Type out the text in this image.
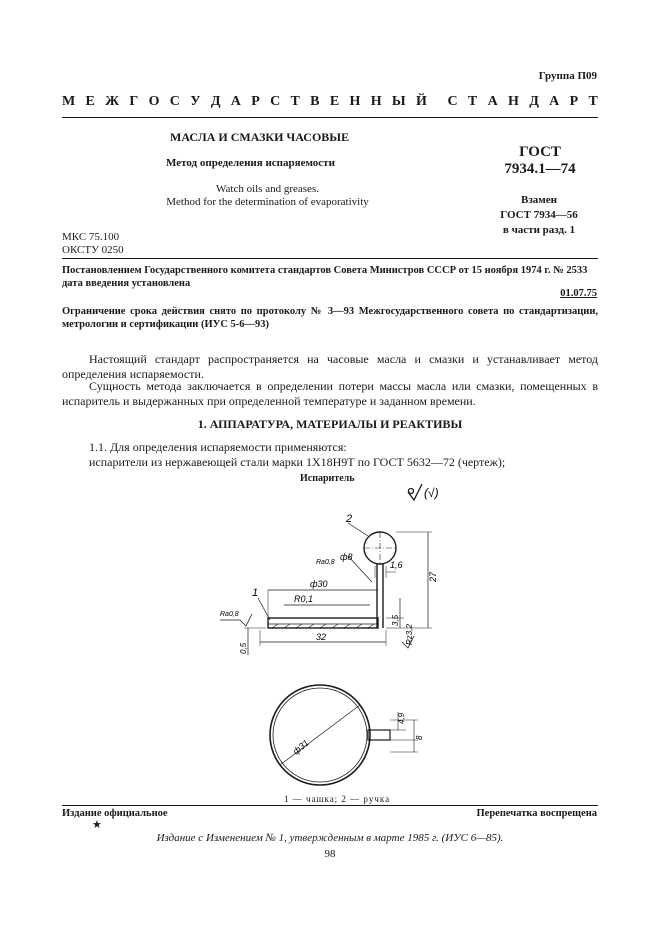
Группа П09
М Е Ж Г О С У Д А Р С Т В Е Н Н Ы Й С Т А Н Д А Р Т
МАСЛА И СМАЗКИ ЧАСОВЫЕ
Метод определения испаряемости
Watch oils and greases.
Method for the determination of evaporativity
ГОСТ
7934.1—74
Взамен
ГОСТ 7934—56
в части разд. 1
МКС 75.100
ОКСТУ 0250
Постановлением Государственного комитета стандартов Совета Министров СССР от 15 ноября 1974 г. № 2533
дата введения установлена
01.07.75
Ограничение срока действия снято по протоколу № 3—93 Межгосударственного совета по стандартизации, метрологии и сертификации (ИУС 5-6—93)
Настоящий стандарт распространяется на часовые масла и смазки и устанавливает метод определения испаряемости.
Сущность метода заключается в определении потери массы масла или смазки, помещенных в испаритель и выдержанных при определенной температуре и заданном времени.
1. АППАРАТУРА, МАТЕРИАЛЫ И РЕАКТИВЫ
1.1. Для определения испаряемости применяются:
испарители из нержавеющей стали марки 1Х18Н9Т по ГОСТ 5632—72 (чертеж);
Испаритель
(√)
2
1
ф8
Ra0,8	1,6
ф30
R0,1
Ra0,8
32
27
3,5
0,5
Rz3,2
ф31
4,9
8
1 — чашка; 2 — ручка
Издание официальное	Перепечатка воспрещена
★
Издание с Изменением № 1, утвержденным в марте 1985 г. (ИУС 6—85).
98
